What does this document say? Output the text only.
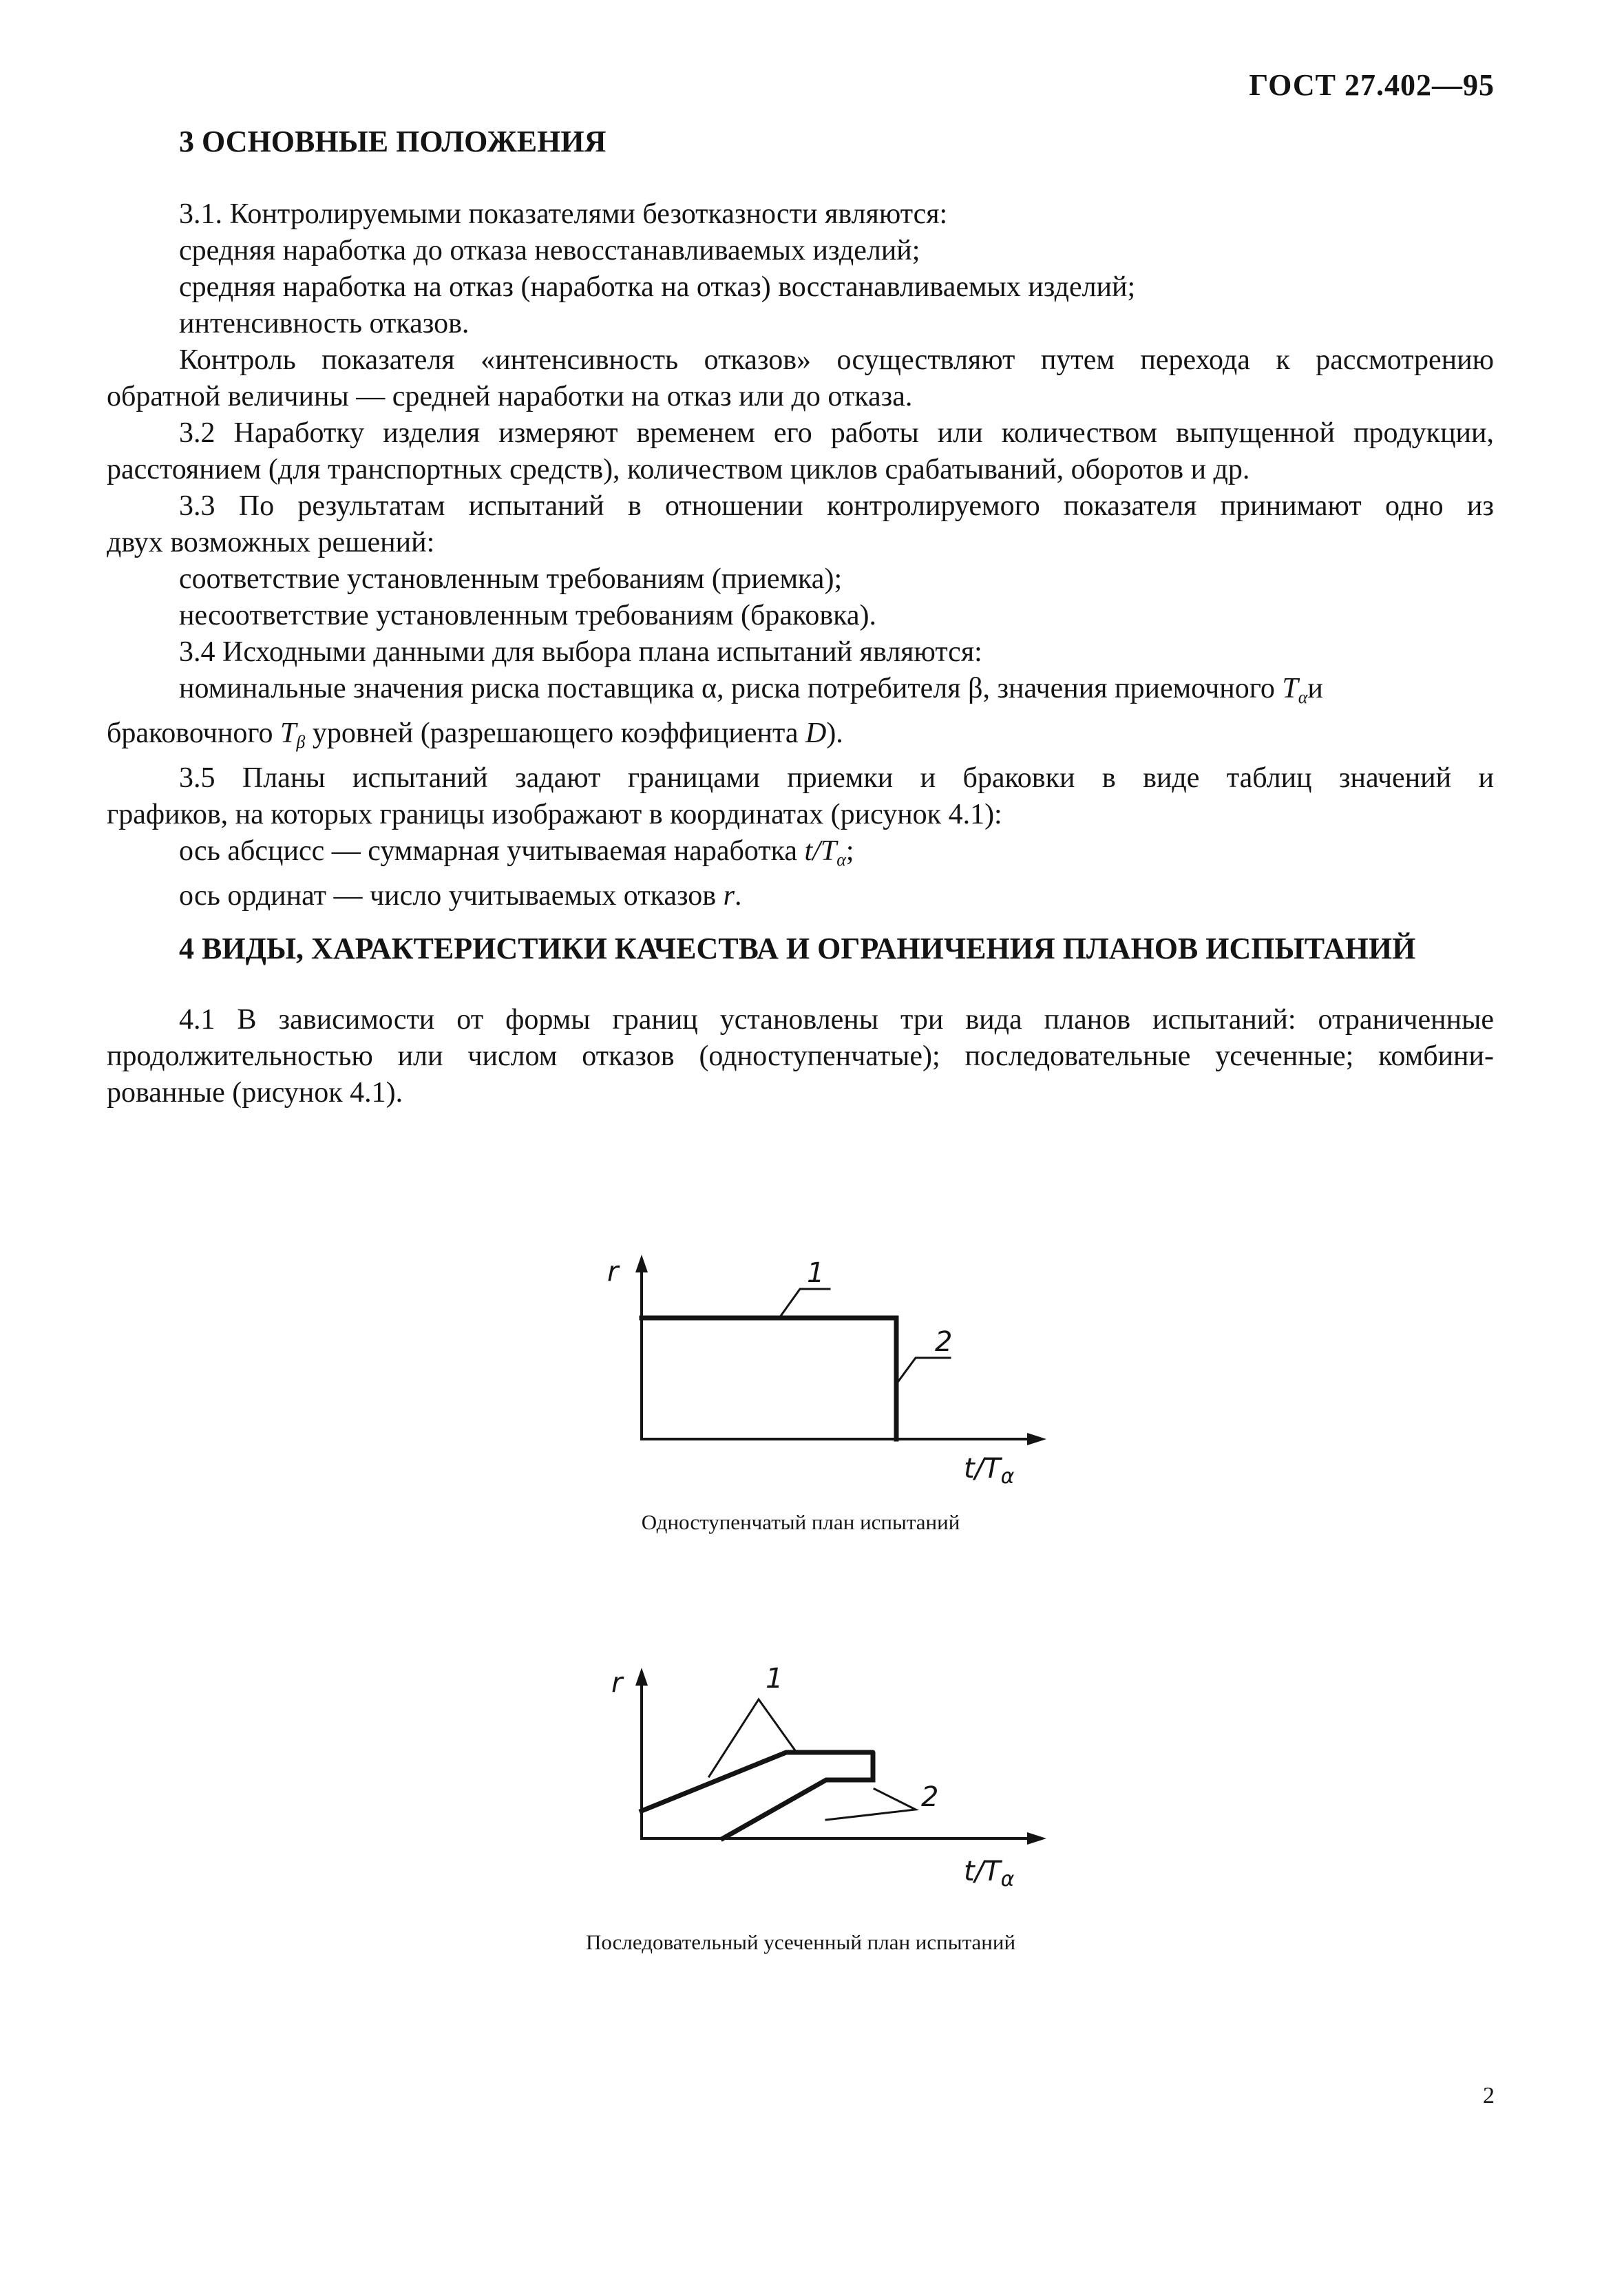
ГОСТ 27.402—95
3 ОСНОВНЫЕ ПОЛОЖЕНИЯ
3.1. Контролируемыми показателями безотказности являются:
средняя наработка до отказа невосстанавливаемых изделий;
средняя наработка на отказ (наработка на отказ) восстанавливаемых изделий;
интенсивность отказов.
Контроль показателя «интенсивность отказов» осуществляют путем перехода к рассмотрению
обратной величины — средней наработки на отказ или до отказа.
3.2 Наработку изделия измеряют временем его работы или количеством выпущенной продукции,
расстоянием (для транспортных средств), количеством циклов срабатываний, оборотов и др.
3.3 По результатам испытаний в отношении контролируемого показателя принимают одно из
двух возможных решений:
соответствие установленным требованиям (приемка);
несоответствие установленным требованиям (браковка).
3.4 Исходными данными для выбора плана испытаний являются:
номинальные значения риска поставщика α, риска потребителя β, значения приемочного $T_\alpha и$
браковочного $T_\beta$ уровней (разрешающего коэффициента D).
3.5 Планы испытаний задают границами приемки и браковки в виде таблиц значений и
графиков, на которых границы изображают в координатах (рисунок 4.1):
ось абсцисс — суммарная учитываемая наработка $t/T_\alpha$;
ось ординат — число учитываемых отказов r.
4 ВИДЫ, ХАРАКТЕРИСТИКИ КАЧЕСТВА И ОГРАНИЧЕНИЯ ПЛАНОВ ИСПЫТАНИЙ
4.1 В зависимости от формы границ установлены три вида планов испытаний: отраниченные
продолжительностью или числом отказов (одноступенчатые); последовательные усеченные; комбини-
рованные (рисунок 4.1).
r	1
2
$t/T_\alpha$
Одноступенчатый план испытаний
r	1
2
$t/T_\alpha$
Последовательный усеченный план испытаний
2
